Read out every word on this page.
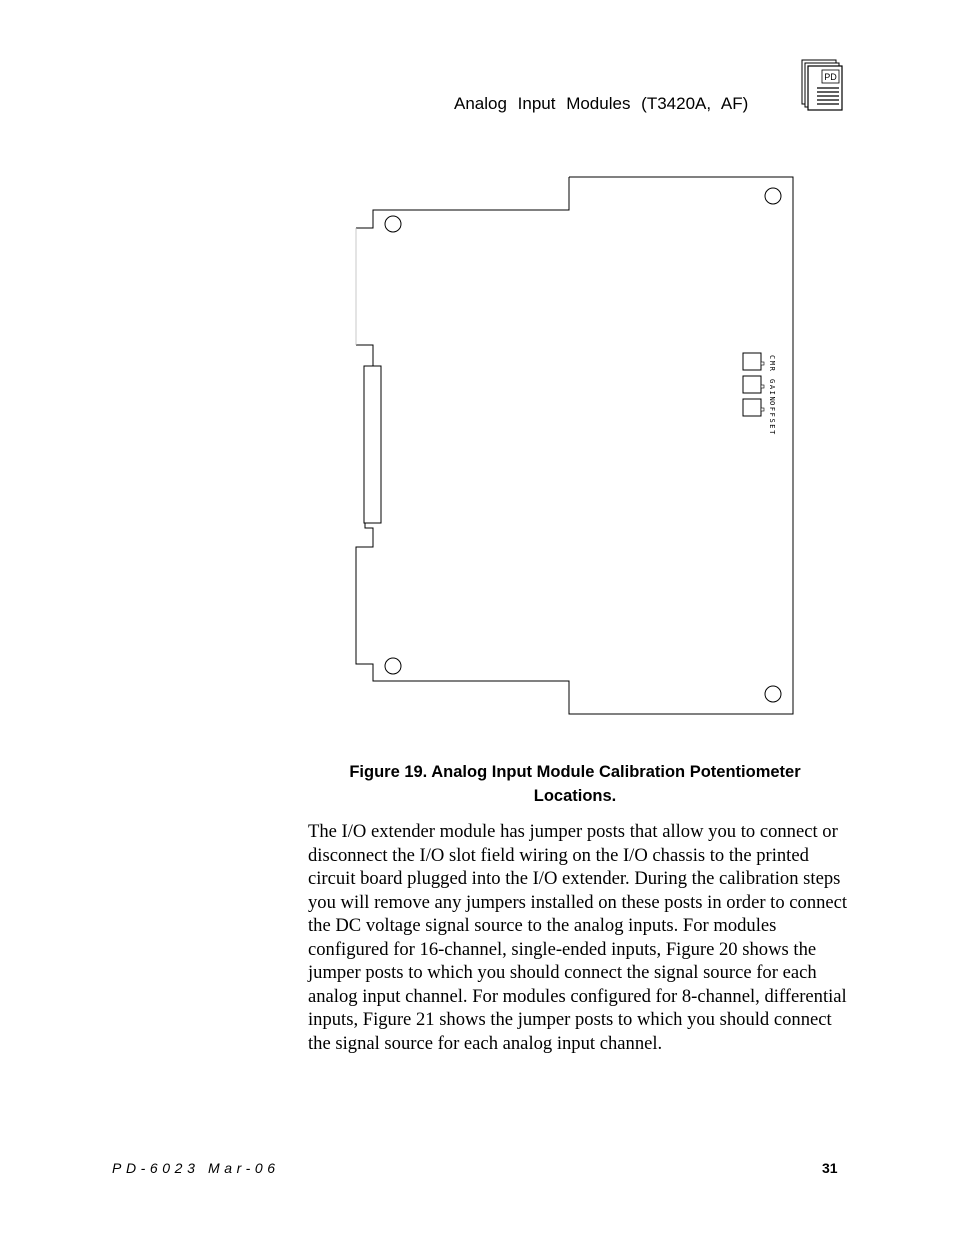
Analog Input Modules (T3420A, AF)
PD
CMR
GAIN
OFFSET

Figure 19. Analog Input Module Calibration Potentiometer
Locations.

The I/O extender module has jumper posts that allow you to connect or disconnect the I/O slot field wiring on the I/O chassis to the printed circuit board plugged into the I/O extender. During the calibration steps you will remove any jumpers installed on these posts in order to connect the DC voltage signal source to the analog inputs. For modules configured for 16-channel, single-ended inputs, Figure 20 shows the jumper posts to which you should connect the signal source for each analog input channel. For modules configured for 8-channel, differential inputs, Figure 21 shows the jumper posts to which you should connect the signal source for each analog input channel.

PD-6023 Mar-06	31
